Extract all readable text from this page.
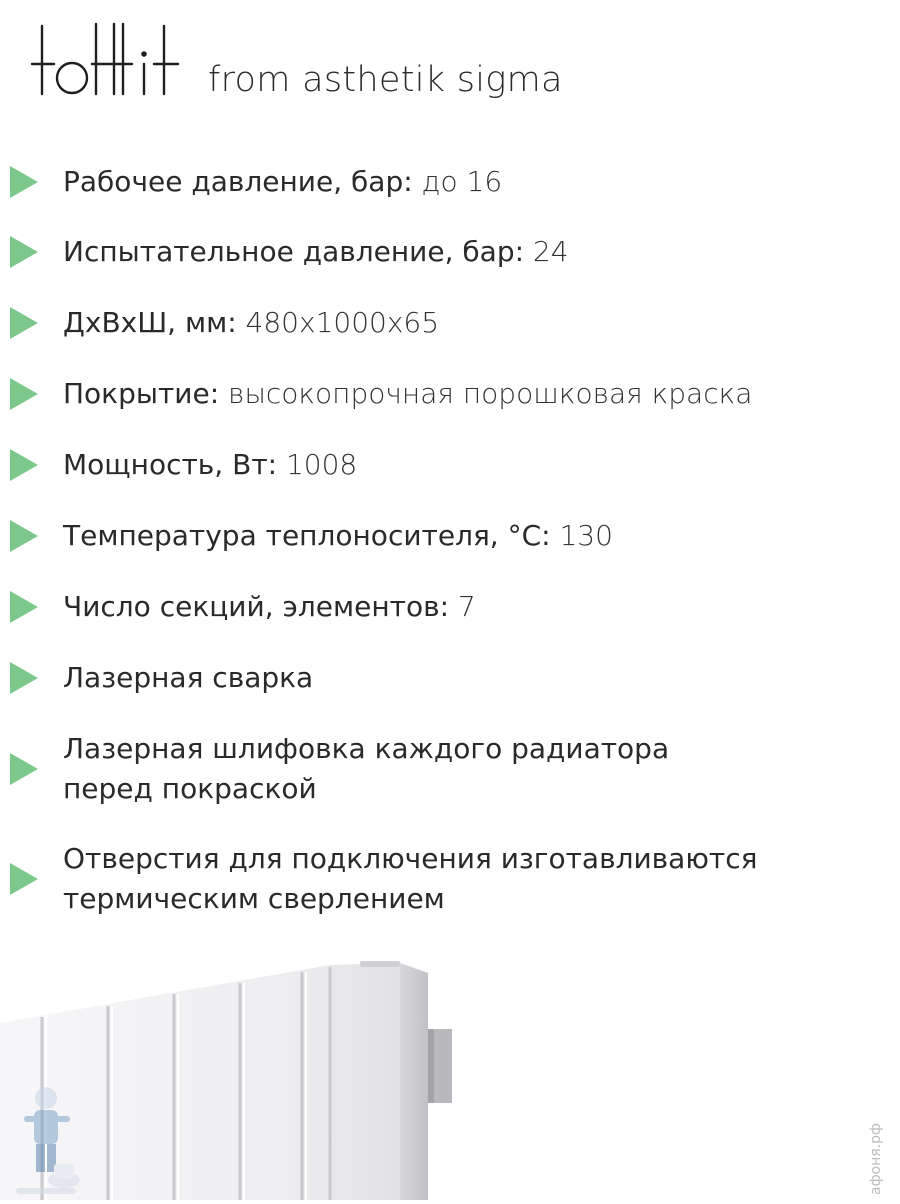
from asthetik sigma
Рабочее давление, бар: до 16
Испытательное давление, бар: 24
ДхВхШ, мм: 480x1000x65
Покрытие: высокопрочная порошковая краска
Мощность, Вт: 1008
Температура теплоносителя, °С: 130
Число секций, элементов: 7
Лазерная сварка
Лазерная шлифовка каждого радиатора
перед покраской
Отверстия для подключения изготавливаются
термическим сверлением
афоня.рф
